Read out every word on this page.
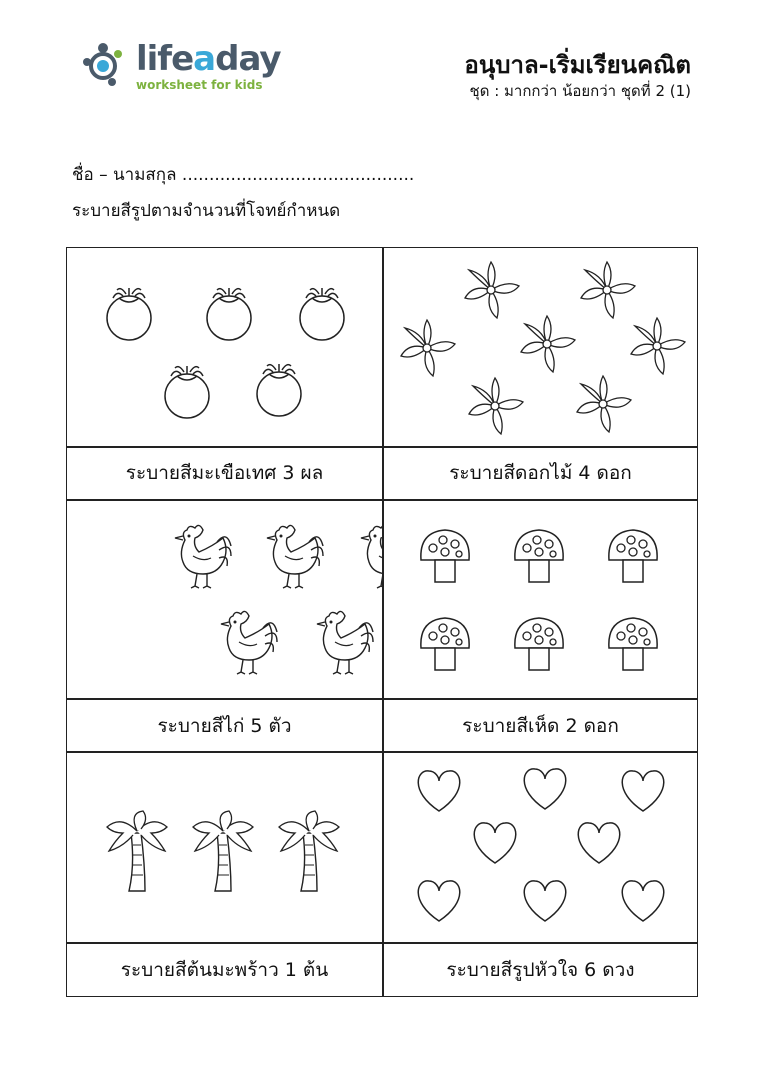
lifeaday
worksheet for kids
อนุบาล-เริ่มเรียนคณิต
ชุด : มากกว่า น้อยกว่า ชุดที่ 2 (1)
ชื่อ – นามสกุล ...........................................
ระบายสีรูปตามจำนวนที่โจทย์กำหนด
ระบายสีมะเขือเทศ 3 ผล	ระบายสีดอกไม้ 4 ดอก
ระบายสีไก่ 5 ตัว	ระบายสีเห็ด 2 ดอก
ระบายสีต้นมะพร้าว 1 ต้น	ระบายสีรูปหัวใจ 6 ดวง
